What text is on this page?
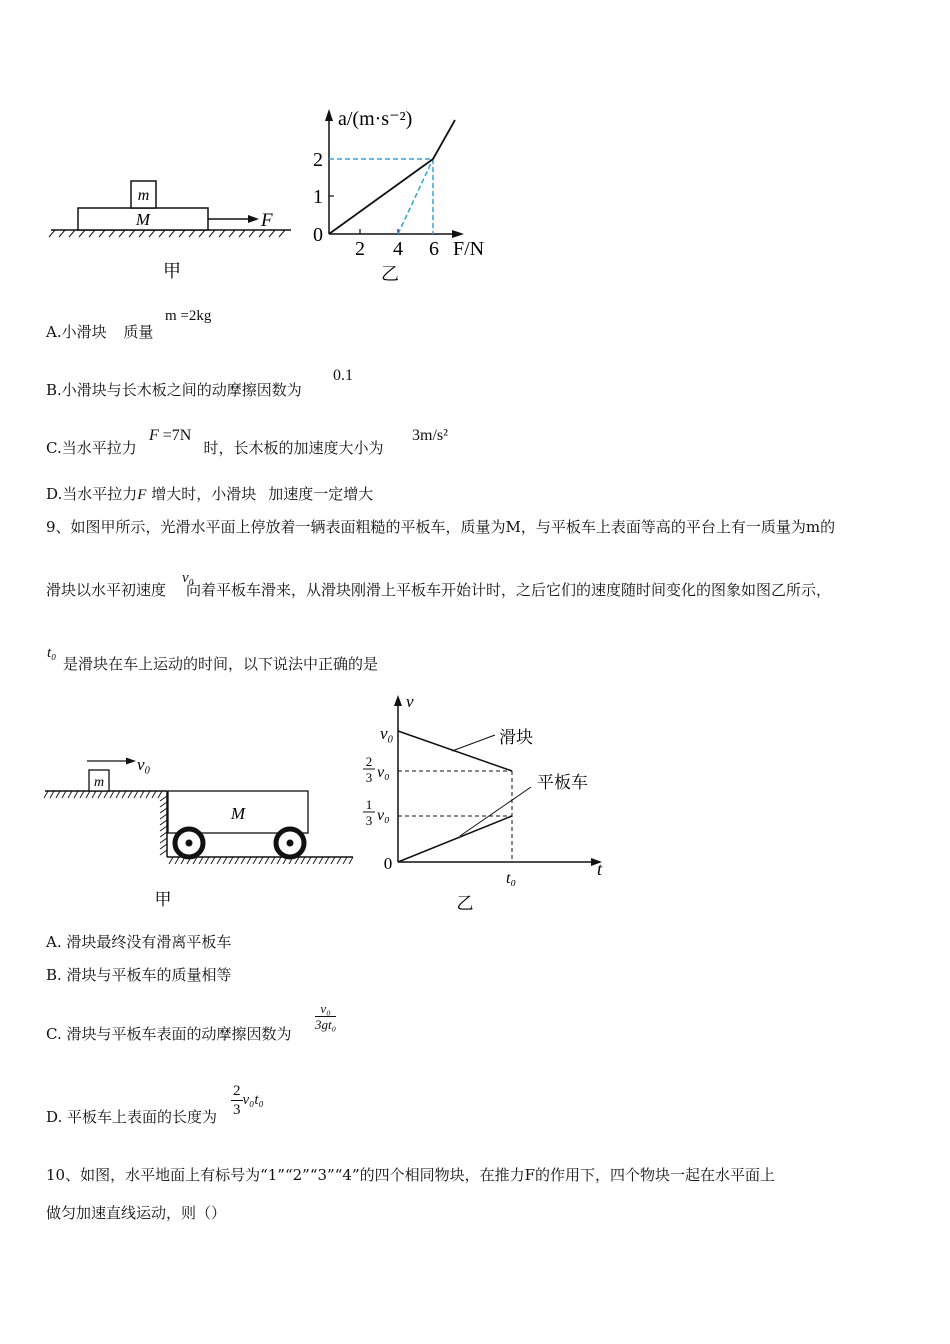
M
m
F
甲
a/(m·s⁻²)
F/N
2
1
0
2 4 6
乙
A.小滑块 质量
m =2kg
B.小滑块与长木板之间的动摩擦因数为
0.1
C.当水平拉力	时，长木板的加速度大小为
F =7N	3m/s²
D.当水平拉力F 增大时，小滑块 加速度一定增大
9、如图甲所示，光滑水平面上停放着一辆表面粗糙的平板车，质量为M，与平板车上表面等高的平台上有一质量为m的
滑块以水平初速度 向着平板车滑来，从滑块刚滑上平板车开始计时，之后它们的速度随时间变化的图象如图乙所示，
v₀
t₀
是滑块在车上运动的时间，以下说法中正确的是
m
v₀
M
甲
v
t
0
v₀
2
3 v₀
1
3 v₀
滑块
平板车
t₀
乙
A. 滑块最终没有滑离平板车
B. 滑块与平板车的质量相等
C. 滑块与平板车表面的动摩擦因数为
$\frac{\text{v₀}}{\text{3gt₀}}$
D. 平板车上表面的长度为 $\frac{2}{3} v_0t_0$
10、如图，水平地面上有标号为“1”“2”“3”“4”的四个相同物块，在推力F的作用下，四个物块一起在水平面上
做匀加速直线运动，则（）
